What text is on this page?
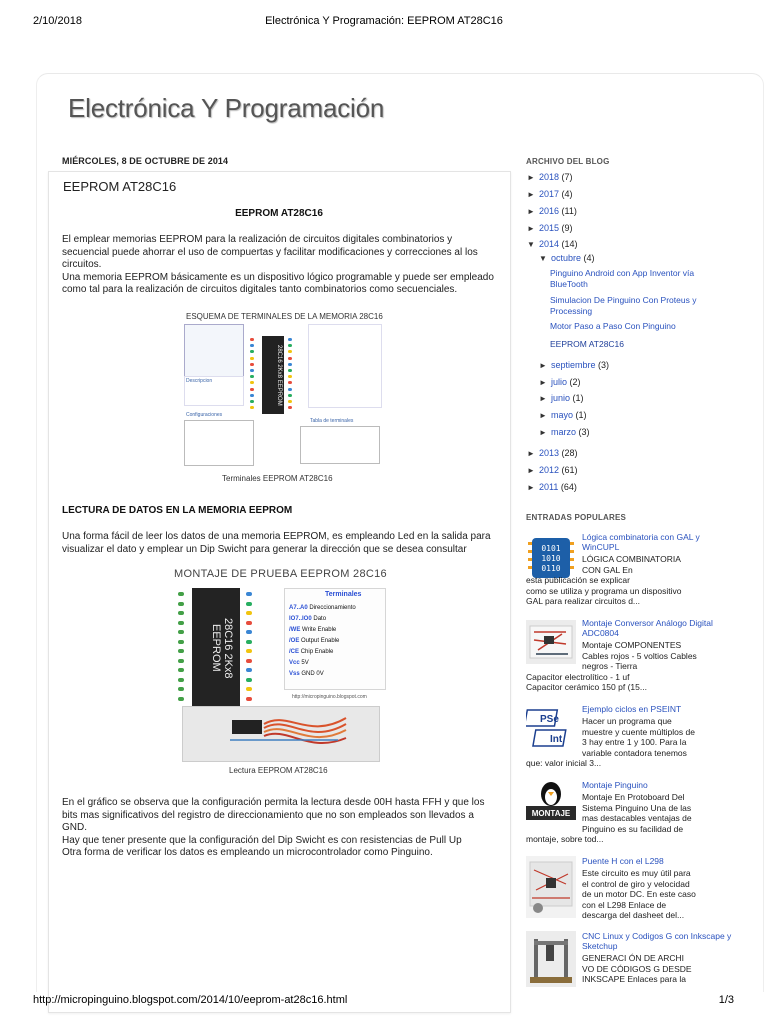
2/10/2018	Electrónica Y Programación: EEPROM AT28C16
Electrónica Y Programación
MIÉRCOLES, 8 DE OCTUBRE DE 2014
EEPROM AT28C16
EEPROM AT28C16
El emplear memorias EEPROM para la realización de circuitos digitales combinatorios y
secuencial puede ahorrar el uso de compuertas y facilitar modificaciones y correcciones al los
circuitos.
Una memoria EEPROM básicamente es un dispositivo lógico programable y puede ser empleado
como tal para la realización de circuitos digitales tanto combinatorios como secuenciales.
ESQUEMA DE TERMINALES DE LA MEMORIA 28C16
Configuraciones
Tabla de terminales
Descripcion	28C16 2Kx8 EEPROM
Terminales EEPROM AT28C16
LECTURA DE DATOS EN LA MEMORIA EEPROM
Una forma fácil de leer los datos de una memoria EEPROM, es empleando Led en la salida para
visualizar el dato y emplear un Dip Swicht para generar la dirección que se desea consultar
MONTAJE DE PRUEBA EEPROM 28C16
28C16 2Kx8 EEPROM
Terminales
A7..A0 Direccionamiento
IO7..IO0 Dato
/WE Write Enable
/OE Output Enable
/CE Chip Enable
Vcc 5V
Vss GND 0V
http://micropinguino.blogspot.com
Lectura EEPROM AT28C16
En el gráfico se observa que la configuración permita la lectura desde 00H hasta FFH y que los
bits mas significativos del registro de direccionamiento que no son empleados son llevados a
GND.
Hay que tener presente que la configuración del Dip Swicht es con resistencias de Pull Up
Otra forma de verificar los datos es empleando un microcontrolador como Pinguino.
ARCHIVO DEL BLOG
► 2018 (7)
► 2017 (4)
► 2016 (11)
► 2015 (9)
▼ 2014 (14)
▼ octubre (4)
Pinguino Android con App Inventor vía BlueTooth
Simulacion De Pinguino Con Proteus y Processing
Motor Paso a Paso Con Pinguino
EEPROM AT28C16
► septiembre (3)
► julio (2)
► junio (1)
► mayo (1)
► marzo (3)
► 2013 (28)
► 2012 (61)
► 2011 (64)
ENTRADAS POPULARES
0101
1010
0110
Lógica combinatoria con GAL y WinCUPL
LÓGICA COMBINATORIA
CON GAL En
esta publicación se explicar
como se utiliza y programa un dispositivo
GAL para realizar circuitos d...
Montaje Conversor Análogo Digital ADC0804
Montaje COMPONENTES
Cables rojos - 5 voltios Cables
negros - Tierra
Capacitor electrolítico - 1 uf
Capacitor cerámico 150 pf (15...
PSe
Int
Ejemplo ciclos en PSEINT
Hacer un programa que
muestre y cuente múltiplos de
3 hay entre 1 y 100. Para la
variable contadora tenemos
que: valor inicial 3...
MONTAJE
Montaje Pinguino
Montaje En Protoboard Del
Sistema Pinguino Una de las
mas destacables ventajas de
Pinguino es su facilidad de
montaje, sobre tod...
Puente H con el L298
Este circuito es muy útil para
el control de giro y velocidad
de un motor DC. En este caso
con el L298 Enlace de
descarga del dasheet del...
CNC Linux y Codigos G con Inkscape y Sketchup
GENERACI ÓN DE ARCHI
VO DE CÓDIGOS G DESDE
INKSCAPE Enlaces para la
http://micropinguino.blogspot.com/2014/10/eeprom-at28c16.html	1/3
